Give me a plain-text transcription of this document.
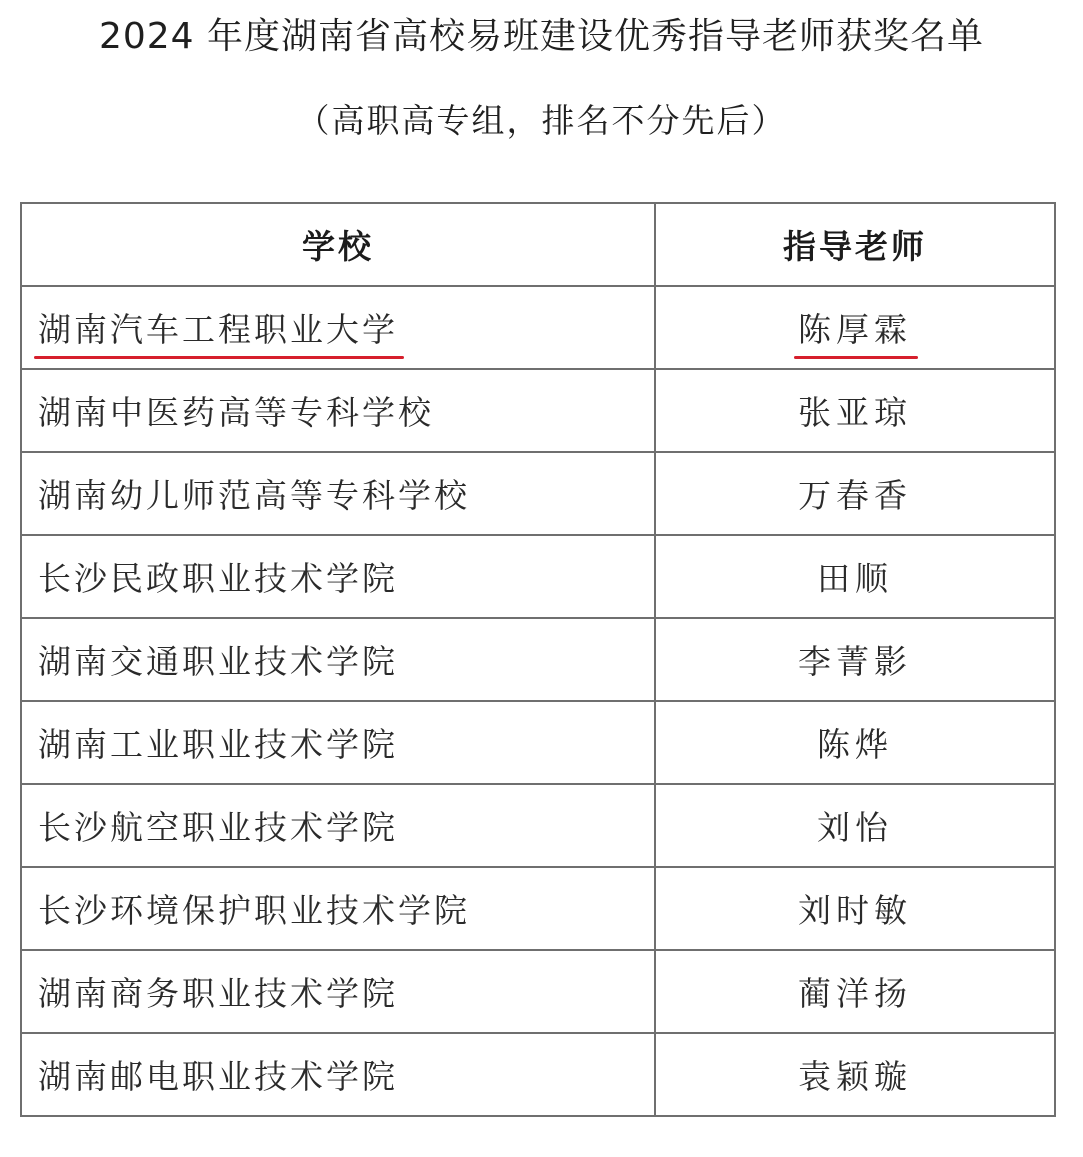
2024 年度湖南省高校易班建设优秀指导老师获奖名单
（高职高专组，排名不分先后）
学校	指导老师
湖南汽车工程职业大学	陈厚霖
湖南中医药高等专科学校	张亚琼
湖南幼儿师范高等专科学校	万春香
长沙民政职业技术学院	田顺
湖南交通职业技术学院	李菁影
湖南工业职业技术学院	陈烨
长沙航空职业技术学院	刘怡
长沙环境保护职业技术学院	刘时敏
湖南商务职业技术学院	蔺洋扬
湖南邮电职业技术学院	袁颖璇
